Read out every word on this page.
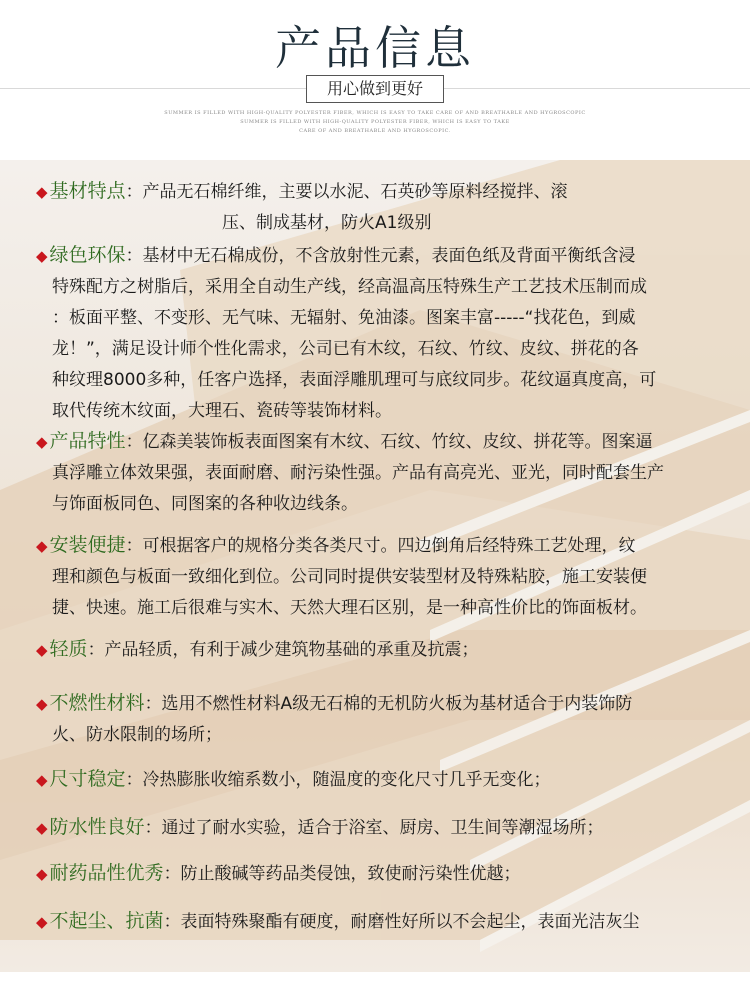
产品信息
用心做到更好
SUMMER IS FILLED WITH HIGH-QUALITY POLYESTER FIBER, WHICH IS EASY TO TAKE CARE OF AND BREATHABLE AND HYGROSCOPIC
SUMMER IS FILLED WITH HIGH-QUALITY POLYESTER FIBER, WHICH IS EASY TO TAKE
CARE OF AND BREATHABLE AND HYGROSCOPIC.

◆ 基材特点：产品无石棉纤维，主要以水泥、石英砂等原料经搅拌、滚

压、制成基材，防火A1级别

◆ 绿色环保：基材中无石棉成份，不含放射性元素，表面色纸及背面平衡纸含浸

特殊配方之树脂后，采用全自动生产线，经高温高压特殊生产工艺技术压制而成

：板面平整、不变形、无气味、无辐射、免油漆。图案丰富-----“找花色，到威

龙！”，满足设计师个性化需求，公司已有木纹，石纹、竹纹、皮纹、拼花的各

种纹理8000多种，任客户选择，表面浮雕肌理可与底纹同步。花纹逼真度高，可

取代传统木纹面，大理石、瓷砖等装饰材料。

◆ 产品特性：亿森美装饰板表面图案有木纹、石纹、竹纹、皮纹、拼花等。图案逼

真浮雕立体效果强，表面耐磨、耐污染性强。产品有高亮光、亚光，同时配套生产

与饰面板同色、同图案的各种收边线条。

◆ 安装便捷：可根据客户的规格分类各类尺寸。四边倒角后经特殊工艺处理，纹

理和颜色与板面一致细化到位。公司同时提供安装型材及特殊粘胶，施工安装便

捷、快速。施工后很难与实木、天然大理石区别，是一种高性价比的饰面板材。

◆ 轻质：产品轻质，有利于减少建筑物基础的承重及抗震；

◆ 不燃性材料：选用不燃性材料A级无石棉的无机防火板为基材适合于内装饰防

火、防水限制的场所；

◆ 尺寸稳定：冷热膨胀收缩系数小，随温度的变化尺寸几乎无变化；

◆ 防水性良好：通过了耐水实验，适合于浴室、厨房、卫生间等潮湿场所；

◆ 耐药品性优秀：防止酸碱等药品类侵蚀，致使耐污染性优越；

◆ 不起尘、抗菌：表面特殊聚酯有硬度，耐磨性好所以不会起尘，表面光洁灰尘
